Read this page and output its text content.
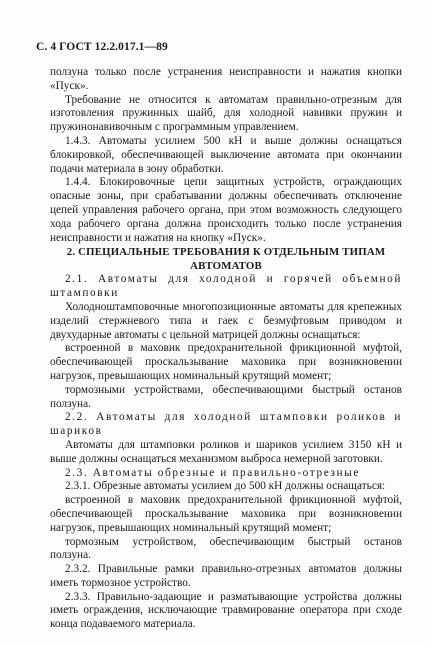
С. 4 ГОСТ 12.2.017.1—89

ползуна только после устранения неисправности и нажатия кнопки «Пуск».

Требование не относится к автоматам правильно-отрезным для изготовления пружинных шайб, для холодной навивки пружин и пружинонавивочным с программным управлением.

1.4.3. Автоматы усилием 500 кН и выше должны оснащаться блокировкой, обеспечивающей выключение автомата при окончании подачи материала в зону обработки.

1.4.4. Блокировочные цепи защитных устройств, ограждающих опасные зоны, при срабатывании должны обеспечивать отключение цепей управления рабочего органа, при этом возможность следующего хода рабочего органа должна происходить только после устранения неисправности и нажатия на кнопку «Пуск».

2. СПЕЦИАЛЬНЫЕ ТРЕБОВАНИЯ К ОТДЕЛЬНЫМ ТИПАМ АВТОМАТОВ

2.1. Автоматы для холодной и горячей объемной штамповки

Холодноштамповочные многопозиционные автоматы для крепежных изделий стержневого типа и гаек с безмуфтовым приводом и двухударные автоматы с цельной матрицей должны оснащаться:

встроенной в маховик предохранительной фрикционной муфтой, обеспечивающей проскальзывание маховика при возникновении нагрузок, превышающих номинальный крутящий момент;

тормозными устройствами, обеспечивающими быстрый останов ползуна.

2.2. Автоматы для холодной штамповки роликов и шариков

Автоматы для штамповки роликов и шариков усилием 3150 кН и выше должны оснащаться механизмом выброса немерной заготовки.

2.3. Автоматы обрезные и правильно-отрезные

2.3.1. Обрезные автоматы усилием до 500 кН должны оснащаться:

встроенной в маховик предохранительной фрикционной муфтой, обеспечивающей проскальзывание маховика при возникновении нагрузок, превышающих номинальный крутящий момент;

тормозным устройством, обеспечивающим быстрый останов ползуна.

2.3.2. Правильные рамки правильно-отрезных автоматов должны иметь тормозное устройство.

2.3.3. Правильно-задающие и разматывающие устройства должны иметь ограждения, исключающие травмирование оператора при сходе конца подаваемого материала.
